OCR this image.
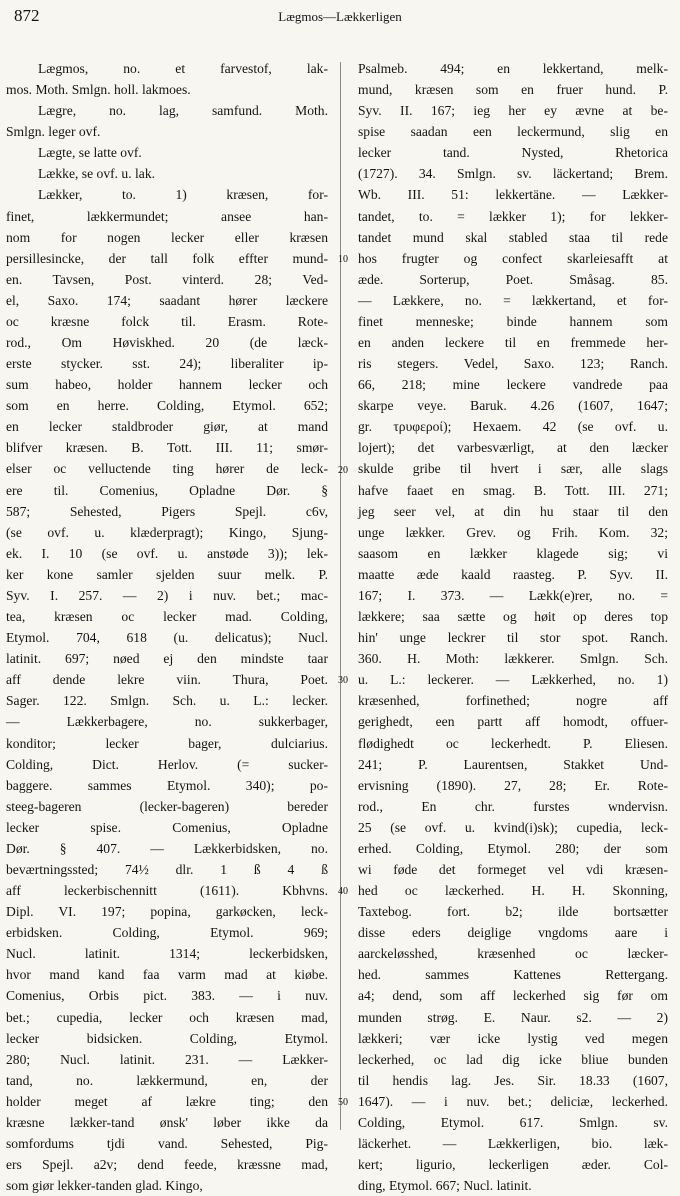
872	Lægmos—Lækkerligen
Lægmos, no. et farvestof, lak-
mos. Moth. Smlgn. holl. lakmoes.
Lægre, no. lag, samfund. Moth.
Smlgn. leger ovf.
Lægte, se latte ovf.
Lække, se ovf. u. lak.
Lækker, to. 1) kræsen, for-
finet, lækkermundet; ansee han-
nom for nogen lecker eller kræsen
persillesincke, der tall folk effter mund-
en. Tavsen, Post. vinterd. 28; Ved-
el, Saxo. 174; saadant hører læckere
oc kræsne folck til. Erasm. Rote-
rod., Om Høviskhed. 20 (de læck-
erste stycker. sst. 24); liberaliter ip-
sum habeo, holder hannem lecker och
som en herre. Colding, Etymol. 652;
en lecker staldbroder giør, at mand
blifver kræsen. B. Tott. III. 11; smør-
elser oc velluctende ting hører de leck-
ere til. Comenius, Opladne Dør. §
587; Sehested, Pigers Spejl. c6v,
(se ovf. u. klæderpragt); Kingo, Sjung-
ek. I. 10 (se ovf. u. anstøde 3)); lek-
ker kone samler sjelden suur melk. P.
Syv. I. 257. — 2) i nuv. bet.; mac-
tea, kræsen oc lecker mad. Colding,
Etymol. 704, 618 (u. delicatus); Nucl.
latinit. 697; nøed ej den mindste taar
aff dende lekre viin. Thura, Poet.
Sager. 122. Smlgn. Sch. u. L.: lecker.
— Lækkerbagere, no. sukkerbager,
konditor; lecker bager, dulciarius.
Colding, Dict. Herlov. (= sucker-
baggere. sammes Etymol. 340); po-
steeg-bageren (lecker-bageren) bereder
lecker spise. Comenius, Opladne
Dør. § 407. — Lækkerbidsken, no.
beværtningssted; 74½ dlr. 1 ß 4 ß
aff leckerbischennitt (1611). Kbhvns.
Dipl. VI. 197; popina, garkøcken, leck-
erbidsken. Colding, Etymol. 969;
Nucl. latinit. 1314; leckerbidsken,
hvor mand kand faa varm mad at kiøbe.
Comenius, Orbis pict. 383. — i nuv.
bet.; cupedia, lecker och kræsen mad,
lecker bidsicken. Colding, Etymol.
280; Nucl. latinit. 231. — Lækker-
tand, no. lækkermund, en, der
holder meget af lækre ting; den
kræsne lækker-tand ønsk' løber ikke da
somfordums tjdi vand. Sehested, Pig-
ers Spejl. a2v; dend feede, kræssne mad,
som giør lekker-tanden glad. Kingo,
10
20
30
40
50
Psalmeb. 494; en lekkertand, melk-
mund, kræsen som en fruer hund. P.
Syv. II. 167; ieg her ey ævne at be-
spise saadan een leckermund, slig en
lecker tand. Nysted, Rhetorica
(1727). 34. Smlgn. sv. läckertand; Brem.
Wb. III. 51: lekkertäne. — Lækker-
tandet, to. = lækker 1); for lekker-
tandet mund skal stabled staa til rede
hos frugter og confect skarleiesafft at
æde. Sorterup, Poet. Småsag. 85.
— Lækkere, no. = lækkertand, et for-
finet menneske; binde hannem som
en anden leckere til en fremmede her-
ris stegers. Vedel, Saxo. 123; Ranch.
66, 218; mine leckere vandrede paa
skarpe veye. Baruk. 4.26 (1607, 1647;
gr. τρυφεροί); Hexaem. 42 (se ovf. u.
lojert); det varbesværligt, at den læcker
skulde gribe til hvert i sær, alle slags
hafve faaet en smag. B. Tott. III. 271;
jeg seer vel, at din hu staar til den
unge lækker. Grev. og Frih. Kom. 32;
saasom en lækker klagede sig; vi
maatte æde kaald raasteg. P. Syv. II.
167; I. 373. — Lækk(e)rer, no. =
lækkere; saa sætte og høit op deres top
hin' unge leckrer til stor spot. Ranch.
360. H. Moth: lækkerer. Smlgn. Sch.
u. L.: leckerer. — Lækkerhed, no. 1)
kræsenhed, forfinethed; nogre aff
gerighedt, een partt aff homodt, offuer-
flødighedt oc leckerhedt. P. Eliesen.
241; P. Laurentsen, Stakket Und-
ervisning (1890). 27, 28; Er. Rote-
rod., En chr. furstes wndervisn.
25 (se ovf. u. kvind(i)sk); cupedia, leck-
erhed. Colding, Etymol. 280; der som
wi føde det formeget vel vdi kræsen-
hed oc læckerhed. H. H. Skonning,
Taxtebog. fort. b2; ilde bortsætter
disse eders deiglige vngdoms aare i
aarckeløsshed, kræsenhed oc læcker-
hed. sammes Kattenes Rettergang.
a4; dend, som aff leckerhed sig før om
munden strøg. E. Naur. s2. — 2)
lækkeri; vær icke lystig ved megen
leckerhed, oc lad dig icke bliue bunden
til hendis lag. Jes. Sir. 18.33 (1607,
1647). — i nuv. bet.; deliciæ, leckerhed.
Colding, Etymol. 617. Smlgn. sv.
läckerhet. — Lækkerligen, bio. læk-
kert; ligurio, leckerligen æder. Col-
ding, Etymol. 667; Nucl. latinit.
